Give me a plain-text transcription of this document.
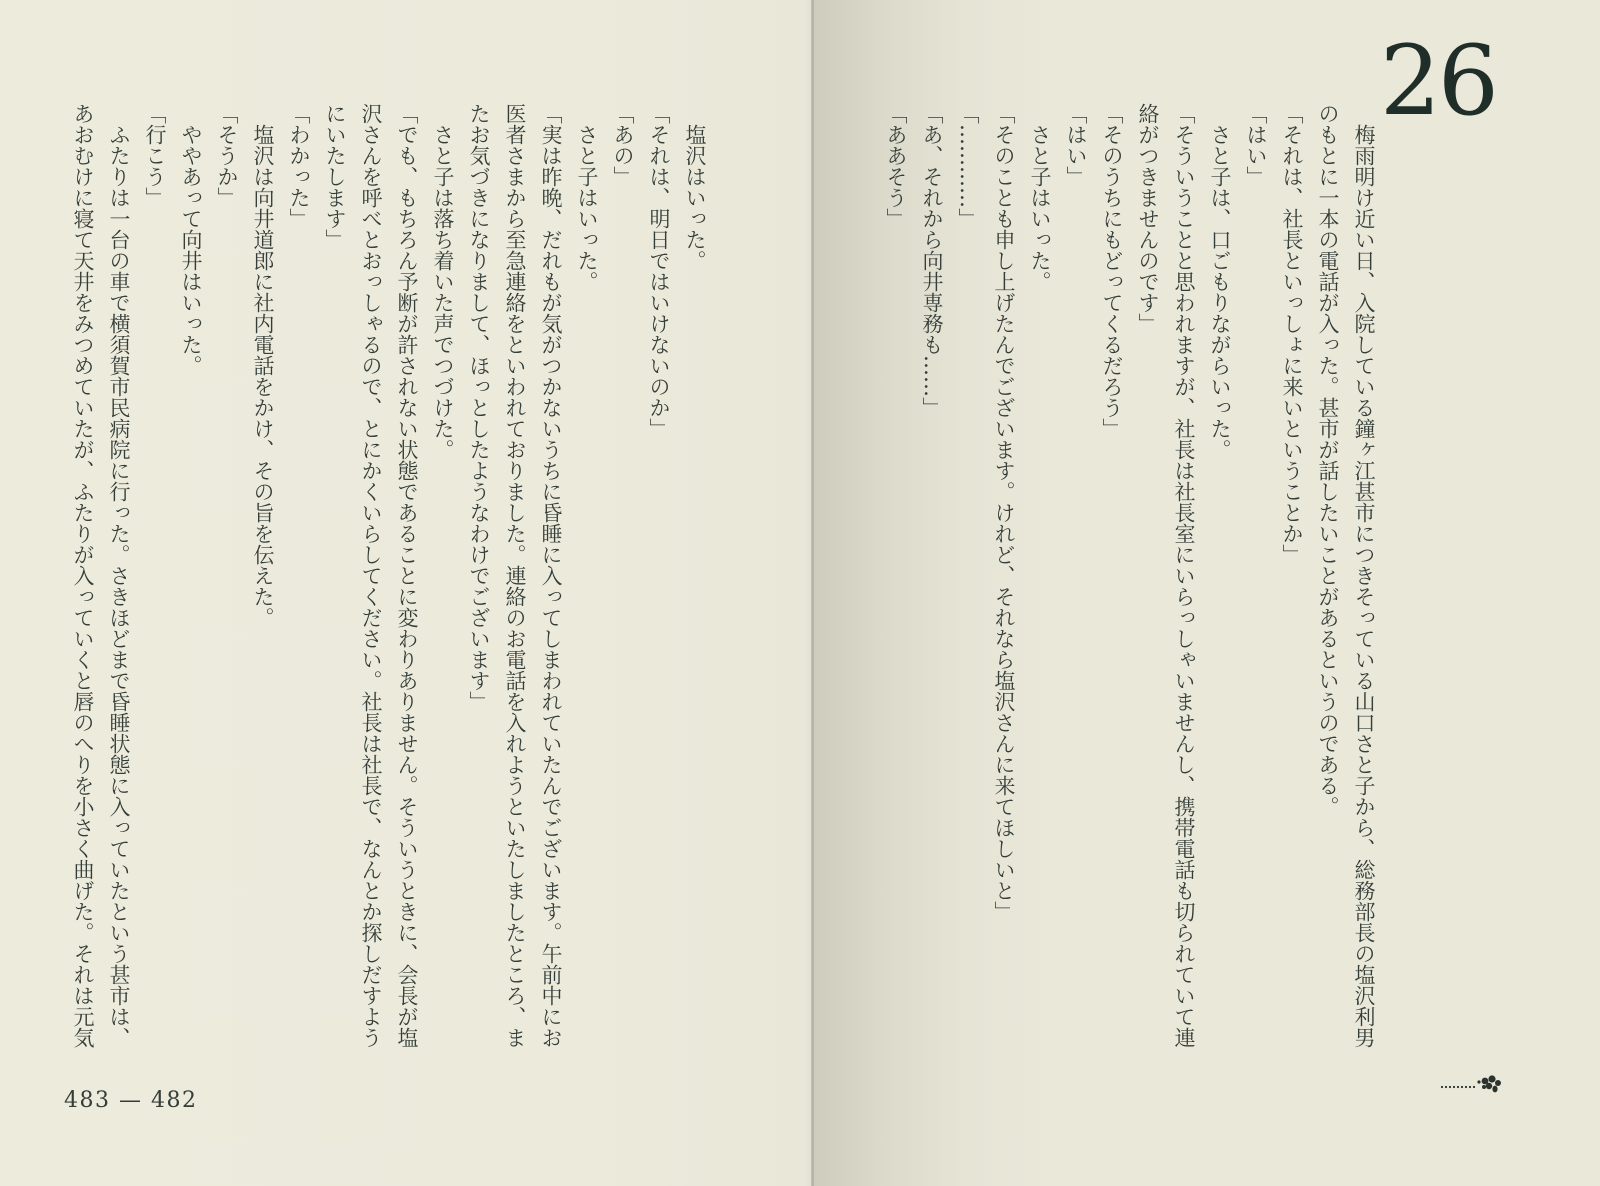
26

梅雨明け近い日、入院している鐘ヶ江甚市につきそっている山口さと子から、総務部長の塩沢利男

のもとに一本の電話が入った。甚市が話したいことがあるというのである。

「それは、社長といっしょに来いということか」

「はい」

さと子は、口ごもりながらいった。

「そういうことと思われますが、社長は社長室にいらっしゃいませんし、携帯電話も切られていて連

絡がつきませんのです」

「そのうちにもどってくるだろう」

「はい」

さと子はいった。

「そのことも申し上げたんでございます。けれど、それなら塩沢さんに来てほしいと」

「…………」

「あ、それから向井専務も……」

「ああそう」

塩沢はいった。

「それは、明日ではいけないのか」

「あの」

さと子はいった。

「実は昨晩、だれもが気がつかないうちに昏睡に入ってしまわれていたんでございます。午前中にお

医者さまから至急連絡をといわれておりました。連絡のお電話を入れようといたしましたところ、ま

たお気づきになりまして、ほっとしたようなわけでございます」

さと子は落ち着いた声でつづけた。

「でも、もちろん予断が許されない状態であることに変わりありません。そういうときに、会長が塩

沢さんを呼べとおっしゃるので、とにかくいらしてください。社長は社長で、なんとか探しだすよう

にいたします」

「わかった」

塩沢は向井道郎に社内電話をかけ、その旨を伝えた。

「そうか」

ややあって向井はいった。

「行こう」

ふたりは一台の車で横須賀市民病院に行った。さきほどまで昏睡状態に入っていたという甚市は、

あおむけに寝て天井をみつめていたが、ふたりが入っていくと唇のへりを小さく曲げた。それは元気

483 — 482
